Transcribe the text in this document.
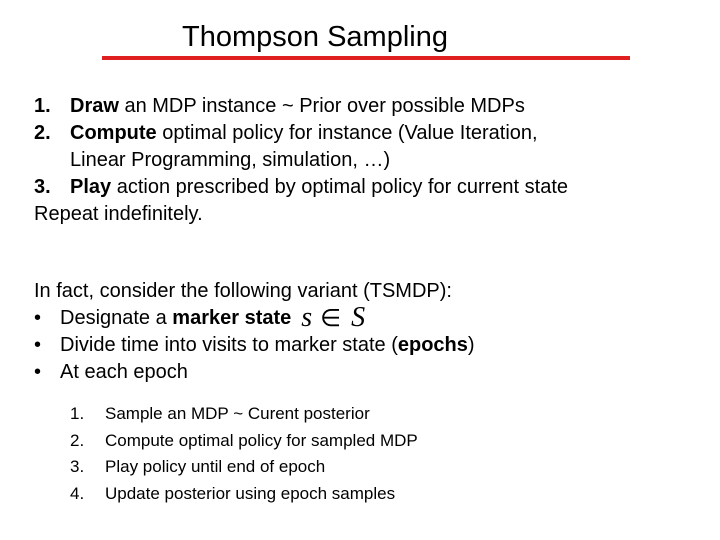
Thompson Sampling
1. Draw an MDP instance ~ Prior over possible MDPs
2. Compute optimal policy for instance (Value Iteration,
Linear Programming, simulation, …)
3. Play action prescribed by optimal policy for current state
Repeat indefinitely.
In fact, consider the following variant (TSMDP):
• Designate a marker state s ∈ S
• Divide time into visits to marker state (epochs)
• At each epoch
1. Sample an MDP ~ Curent posterior
2. Compute optimal policy for sampled MDP
3. Play policy until end of epoch
4. Update posterior using epoch samples
